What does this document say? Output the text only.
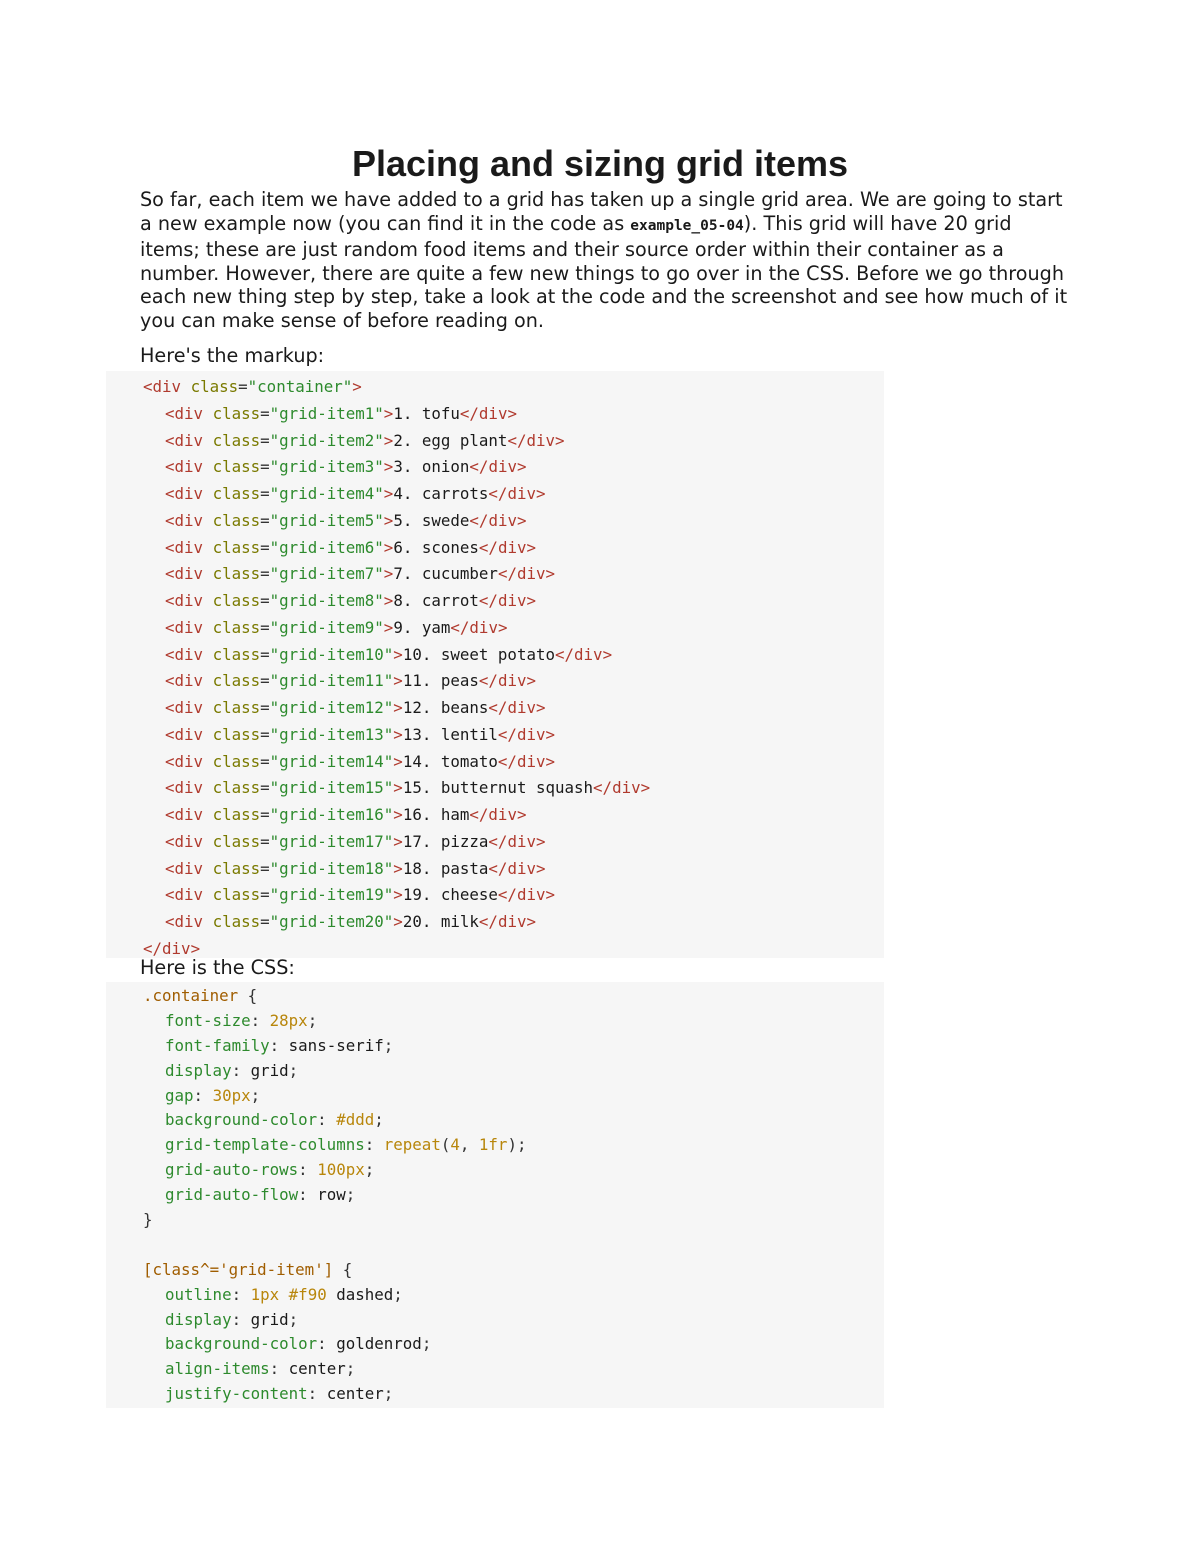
Placing and sizing grid items

So far, each item we have added to a grid has taken up a single grid area. We are going to start a new example now (you can find it in the code as example_05-04). This grid will have 20 grid items; these are just random food items and their source order within their container as a number. However, there are quite a few new things to go over in the CSS. Before we go through each new thing step by step, take a look at the code and the screenshot and see how much of it you can make sense of before reading on.

Here's the markup:

<div class="container">
<div class="grid-item1">1. tofu</div>
<div class="grid-item2">2. egg plant</div>
<div class="grid-item3">3. onion</div>
<div class="grid-item4">4. carrots</div>
<div class="grid-item5">5. swede</div>
<div class="grid-item6">6. scones</div>
<div class="grid-item7">7. cucumber</div>
<div class="grid-item8">8. carrot</div>
<div class="grid-item9">9. yam</div>
<div class="grid-item10">10. sweet potato</div>
<div class="grid-item11">11. peas</div>
<div class="grid-item12">12. beans</div>
<div class="grid-item13">13. lentil</div>
<div class="grid-item14">14. tomato</div>
<div class="grid-item15">15. butternut squash</div>
<div class="grid-item16">16. ham</div>
<div class="grid-item17">17. pizza</div>
<div class="grid-item18">18. pasta</div>
<div class="grid-item19">19. cheese</div>
<div class="grid-item20">20. milk</div>
</div>

Here is the CSS:

.container {
font-size: 28px;
font-family: sans-serif;
display: grid;
gap: 30px;
background-color: #ddd;
grid-template-columns: repeat(4, 1fr);
grid-auto-rows: 100px;
grid-auto-flow: row;
}
[class^='grid-item'] {
outline: 1px #f90 dashed;
display: grid;
background-color: goldenrod;
align-items: center;
justify-content: center;
